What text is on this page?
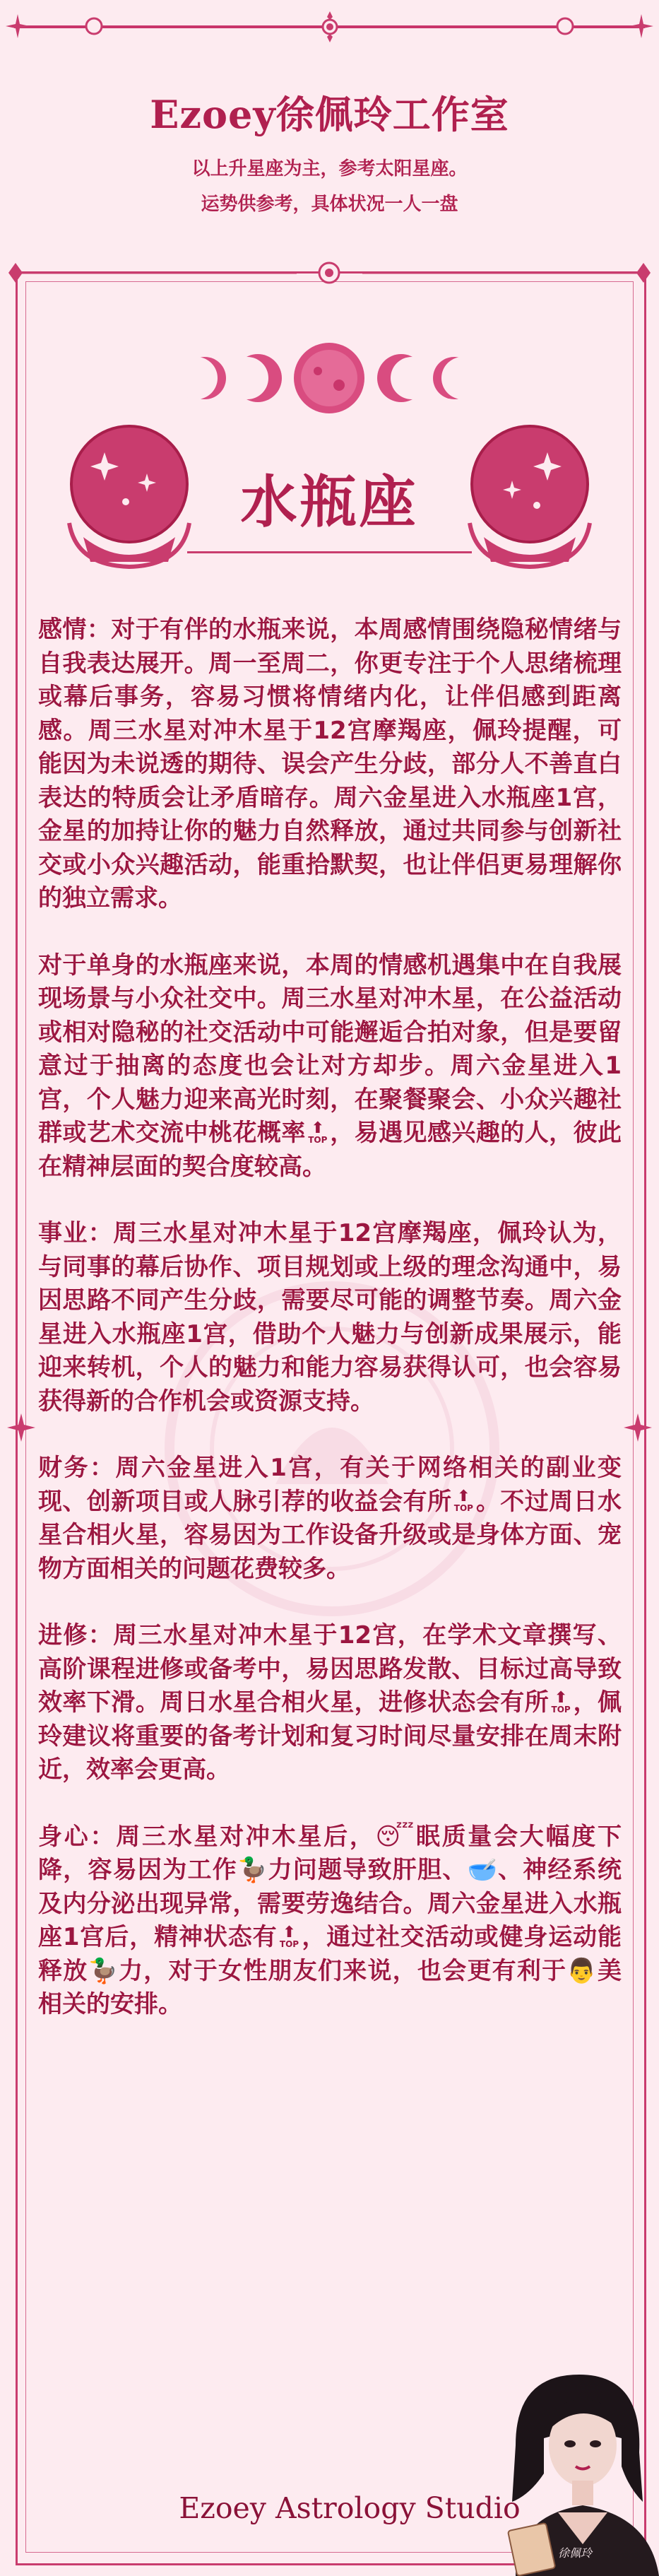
Ezoey徐佩玲工作室
以上升星座为主，参考太阳星座。
运势供参考，具体状况一人一盘
水瓶座

感情：对于有伴的水瓶来说，本周感情围绕隐秘情绪与自我表达展开。周一至周二，你更专注于个人思绪梳理或幕后事务，容易习惯将情绪内化，让伴侣感到距离感。周三水星对冲木星于12宫摩羯座，佩玲提醒，可能因为未说透的期待、误会产生分歧，部分人不善直白表达的特质会让矛盾暗存。周六金星进入水瓶座1宫，金星的加持让你的魅力自然释放，通过共同参与创新社交或小众兴趣活动，能重拾默契，也让伴侣更易理解你的独立需求。

对于单身的水瓶座来说，本周的情感机遇集中在自我展现场景与小众社交中。周三水星对冲木星，在公益活动或相对隐秘的社交活动中可能邂逅合拍对象，但是要留意过于抽离的态度也会让对方却步。周六金星进入1宫，个人魅力迎来高光时刻，在聚餐聚会、小众兴趣社群或艺术交流中桃花概率 ⬆
TOP ，易遇见感兴趣的人，彼此在精神层面的契合度较高。

事业：周三水星对冲木星于12宫摩羯座，佩玲认为，与同事的幕后协作、项目规划或上级的理念沟通中，易因思路不同产生分歧，需要尽可能的调整节奏。周六金星进入水瓶座1宫，借助个人魅力与创新成果展示，能迎来转机，个人的魅力和能力容易获得认可，也会容易获得新的合作机会或资源支持。

财务：周六金星进入1宫，有关于网络相关的副业变现、创新项目或人脉引荐的收益会有所 ⬆
TOP 。不过周日水星合相火星，容易因为工作设备升级或是身体方面、宠物方面相关的问题花费较多。

进修：周三水星对冲木星于12宫，在学术文章撰写、高阶课程进修或备考中，易因思路发散、目标过高导致效率下滑。周日水星合相火星，进修状态会有所 ⬆
TOP ，佩玲建议将重要的备考计划和复习时间尽量安排在周末附近，效率会更高。

身心：周三水星对冲木星后，😴眠质量会大幅度下降，容易因为工作🦆力问题导致肝胆、🥣、神经系统及内分泌出现异常，需要劳逸结合。周六金星进入水瓶座1宫后，精神状态有 ⬆
TOP ，通过社交活动或健身运动能释放🦆力，对于女性朋友们来说，也会更有利于👨美相关的安排。

Ezoey Astrology Studio
徐佩玲
